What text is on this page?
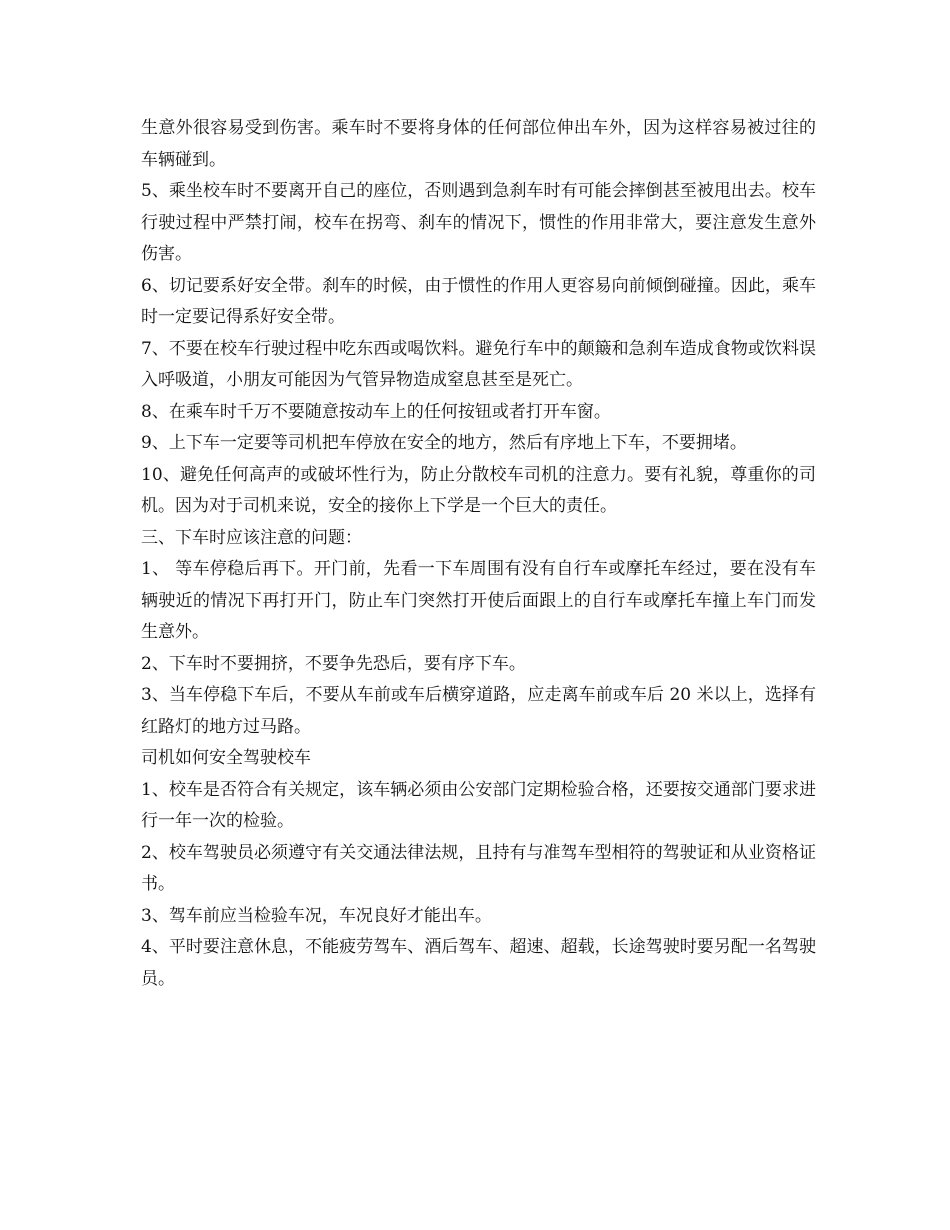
生意外很容易受到伤害。乘车时不要将身体的任何部位伸出车外，因为这样容易被过往的车辆碰到。

5、乘坐校车时不要离开自己的座位，否则遇到急刹车时有可能会摔倒甚至被甩出去。校车行驶过程中严禁打闹，校车在拐弯、刹车的情况下，惯性的作用非常大，要注意发生意外伤害。

6、切记要系好安全带。刹车的时候，由于惯性的作用人更容易向前倾倒碰撞。因此，乘车时一定要记得系好安全带。

7、不要在校车行驶过程中吃东西或喝饮料。避免行车中的颠簸和急刹车造成食物或饮料误入呼吸道，小朋友可能因为气管异物造成窒息甚至是死亡。

8、在乘车时千万不要随意按动车上的任何按钮或者打开车窗。

9、上下车一定要等司机把车停放在安全的地方，然后有序地上下车，不要拥堵。

10、避免任何高声的或破坏性行为，防止分散校车司机的注意力。要有礼貌，尊重你的司机。因为对于司机来说，安全的接你上下学是一个巨大的责任。

三、下车时应该注意的问题：

1、 等车停稳后再下。开门前，先看一下车周围有没有自行车或摩托车经过，要在没有车辆驶近的情况下再打开门，防止车门突然打开使后面跟上的自行车或摩托车撞上车门而发生意外。

2、下车时不要拥挤，不要争先恐后，要有序下车。

3、当车停稳下车后，不要从车前或车后横穿道路，应走离车前或车后 20 米以上，选择有红路灯的地方过马路。

司机如何安全驾驶校车

1、校车是否符合有关规定，该车辆必须由公安部门定期检验合格，还要按交通部门要求进行一年一次的检验。

2、校车驾驶员必须遵守有关交通法律法规，且持有与准驾车型相符的驾驶证和从业资格证书。

3、驾车前应当检验车况，车况良好才能出车。

4、平时要注意休息，不能疲劳驾车、酒后驾车、超速、超载，长途驾驶时要另配一名驾驶员。
